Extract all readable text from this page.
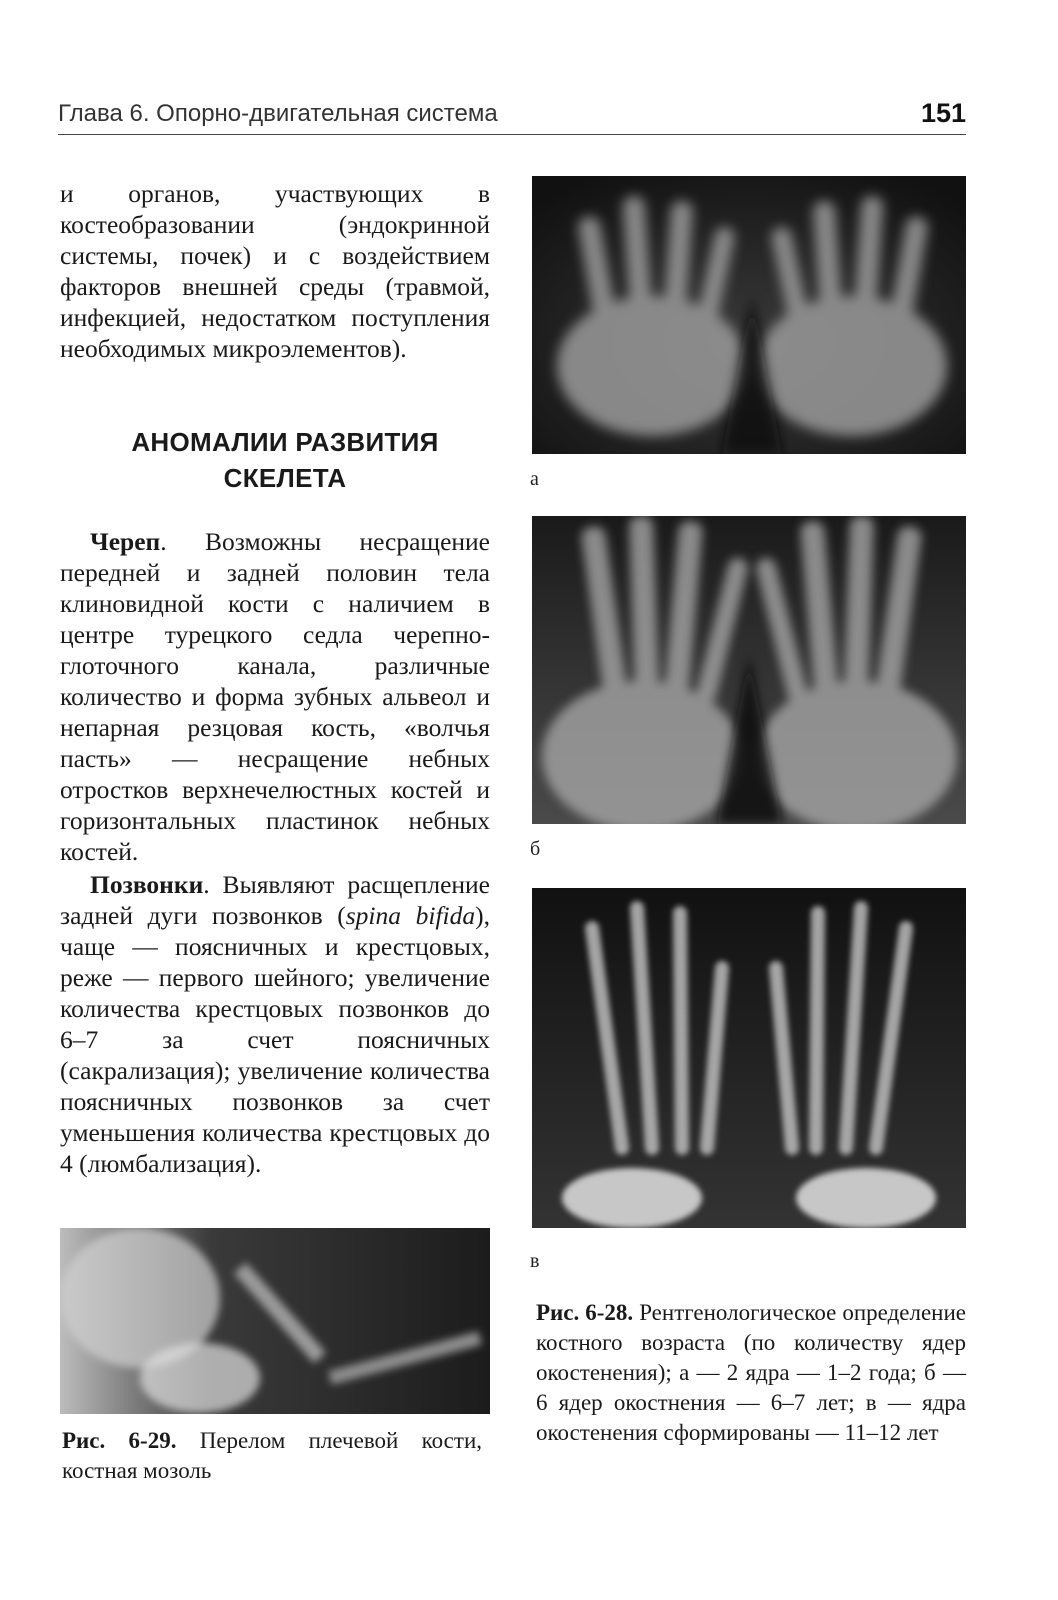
Глава 6. Опорно-двигательная система	151

и органов, участвующих в костеобразовании (эндокринной системы, почек) и с воздействием факторов внешней среды (травмой, инфекцией, недостатком поступления необходимых микроэлементов).

АНОМАЛИИ РАЗВИТИЯ
СКЕЛЕТА

Череп. Возможны несращение передней и задней половин тела клиновидной кости с наличием в центре турецкого седла черепно-глоточного канала, различные количество и форма зубных альвеол и непарная резцовая кость, «волчья пасть» — несращение небных отростков верхнечелюстных костей и горизонтальных пластинок небных костей.

Позвонки. Выявляют расщепление задней дуги позвонков (spina bifida), чаще — поясничных и крестцовых, реже — первого шейного; увеличение количества крестцовых позвонков до 6–7 за счет поясничных (сакрализация); увеличение количества поясничных позвонков за счет уменьшения количества крестцовых до 4 (люмбализация).

а
б
в
Рис. 6-28. Рентгенологическое определение костного возраста (по количеству ядер окостенения); а — 2 ядра — 1–2 года; б — 6 ядер окостнения — 6–7 лет; в — ядра окостенения сформированы — 11–12 лет
Рис. 6-29. Перелом плечевой кости, костная мозоль
